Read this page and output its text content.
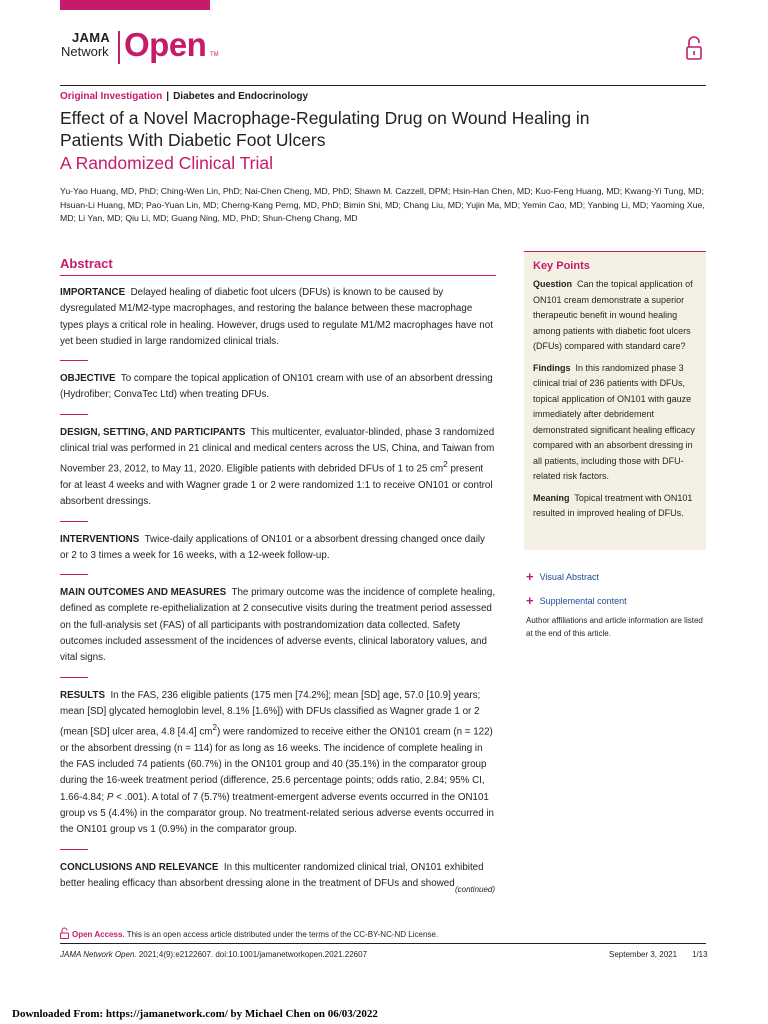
JAMA
Network Open TM
Original Investigation | Diabetes and Endocrinology
Effect of a Novel Macrophage-Regulating Drug on Wound Healing in Patients With Diabetic Foot Ulcers
A Randomized Clinical Trial
Yu-Yao Huang, MD, PhD; Ching-Wen Lin, PhD; Nai-Chen Cheng, MD, PhD; Shawn M. Cazzell, DPM; Hsin-Han Chen, MD; Kuo-Feng Huang, MD; Kwang-Yi Tung, MD; Hsuan-Li Huang, MD; Pao-Yuan Lin, MD; Cherng-Kang Perng, MD, PhD; Bimin Shi, MD; Chang Liu, MD; Yujin Ma, MD; Yemin Cao, MD; Yanbing Li, MD; Yaoming Xue, MD; Li Yan, MD; Qiu Li, MD; Guang Ning, MD, PhD; Shun-Cheng Chang, MD
Abstract

IMPORTANCE Delayed healing of diabetic foot ulcers (DFUs) is known to be caused by dysregulated M1/M2-type macrophages, and restoring the balance between these macrophage types plays a critical role in healing. However, drugs used to regulate M1/M2 macrophages have not yet been studied in large randomized clinical trials.

OBJECTIVE To compare the topical application of ON101 cream with use of an absorbent dressing (Hydrofiber; ConvaTec Ltd) when treating DFUs.

DESIGN, SETTING, AND PARTICIPANTS This multicenter, evaluator-blinded, phase 3 randomized clinical trial was performed in 21 clinical and medical centers across the US, China, and Taiwan from November 23, 2012, to May 11, 2020. Eligible patients with debrided DFUs of 1 to 25 $cm^2$ present for at least 4 weeks and with Wagner grade 1 or 2 were randomized 1:1 to receive ON101 or control absorbent dressings.

INTERVENTIONS Twice-daily applications of ON101 or a absorbent dressing changed once daily or 2 to 3 times a week for 16 weeks, with a 12-week follow-up.

MAIN OUTCOMES AND MEASURES The primary outcome was the incidence of complete healing, defined as complete re-epithelialization at 2 consecutive visits during the treatment period assessed on the full-analysis set (FAS) of all participants with postrandomization data collected. Safety outcomes included assessment of the incidences of adverse events, clinical laboratory values, and vital signs.

RESULTS In the FAS, 236 eligible patients (175 men [74.2%]; mean [SD] age, 57.0 [10.9] years; mean [SD] glycated hemoglobin level, 8.1% [1.6%]) with DFUs classified as Wagner grade 1 or 2 (mean [SD] ulcer area, 4.8 [4.4] $cm^2$) were randomized to receive either the ON101 cream (n = 122) or the absorbent dressing (n = 114) for as long as 16 weeks. The incidence of complete healing in the FAS included 74 patients (60.7%) in the ON101 group and 40 (35.1%) in the comparator group during the 16-week treatment period (difference, 25.6 percentage points; odds ratio, 2.84; 95% CI, 1.66-4.84; P < .001). A total of 7 (5.7%) treatment-emergent adverse events occurred in the ON101 group vs 5 (4.4%) in the comparator group. No treatment-related serious adverse events occurred in the ON101 group vs 1 (0.9%) in the comparator group.

CONCLUSIONS AND RELEVANCE In this multicenter randomized clinical trial, ON101 exhibited better healing efficacy than absorbent dressing alone in the treatment of DFUs and showed

(continued)
Key Points

Question Can the topical application of ON101 cream demonstrate a superior therapeutic benefit in wound healing among patients with diabetic foot ulcers (DFUs) compared with standard care?

Findings In this randomized phase 3 clinical trial of 236 patients with DFUs, topical application of ON101 with gauze immediately after debridement demonstrated significant healing efficacy compared with an absorbent dressing in all patients, including those with DFU-related risk factors.

Meaning Topical treatment with ON101 resulted in improved healing of DFUs.

+ Visual Abstract
+ Supplemental content
Author affiliations and article information are listed at the end of this article.
Open Access. This is an open access article distributed under the terms of the CC-BY-NC-ND License.
JAMA Network Open. 2021;4(9):e2122607. doi:10.1001/jamanetworkopen.2021.22607	September 3, 2021 1/13
Downloaded From: https://jamanetwork.com/ by Michael Chen on 06/03/2022
